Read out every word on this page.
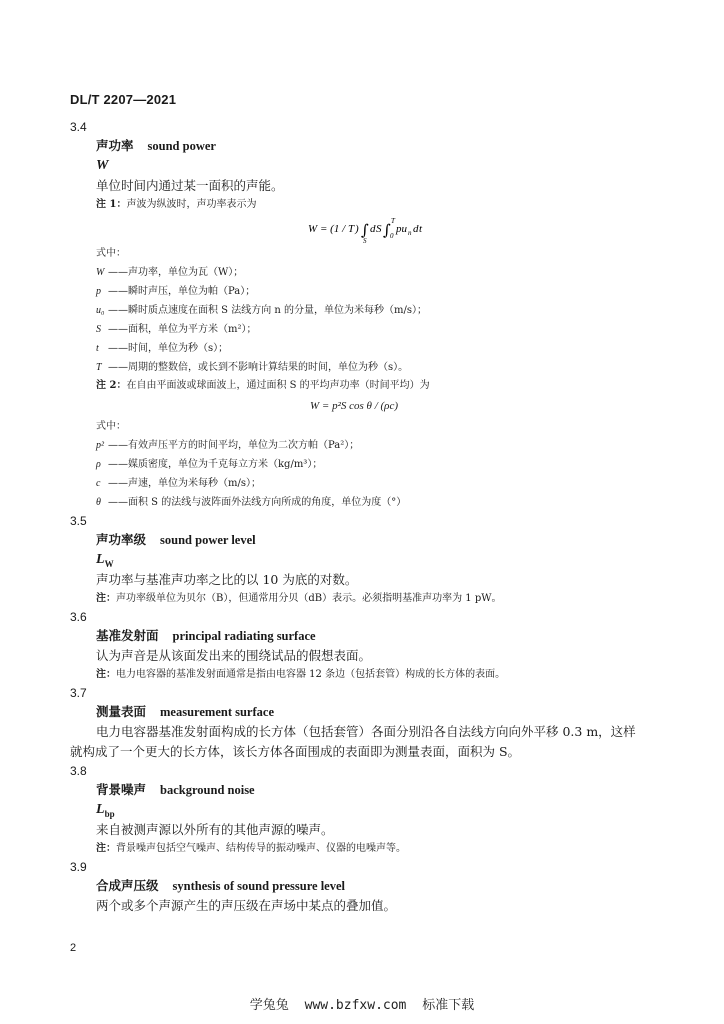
DL/T 2207—2021
3.4
声功率 sound power
W
单位时间内通过某一面积的声能。
注 1：声波为纵波时，声功率表示为
W = (1 / T ) ∫
S
d S ∫ T
0
pu n d t
式中：
W ——声功率，单位为瓦（W）；
p ——瞬时声压，单位为帕（Pa）；
u₀ ——瞬时质点速度在面积 S 法线方向 n 的分量，单位为米每秒（m/s）；
S ——面积，单位为平方米（m²）；
t ——时间，单位为秒（s）；
T ——周期的整数倍，或长到不影响计算结果的时间，单位为秒（s）。
注 2：在自由平面波或球面波上，通过面积 S 的平均声功率（时间平均）为
W = p²S cos θ / (ρc)
式中：
p² ——有效声压平方的时间平均，单位为二次方帕（Pa²）；
ρ ——媒质密度，单位为千克每立方米（kg/m³）；
c ——声速，单位为米每秒（m/s）；
θ ——面积 S 的法线与波阵面外法线方向所成的角度，单位为度（°）
3.5
声功率级 sound power level
$L_W$
声功率与基准声功率之比的以 10 为底的对数。
注：声功率级单位为贝尔（B），但通常用分贝（dB）表示。必须指明基准声功率为 1 pW。
3.6
基准发射面 principal radiating surface
认为声音是从该面发出来的围绕试品的假想表面。
注：电力电容器的基准发射面通常是指由电容器 12 条边（包括套管）构成的长方体的表面。
3.7
测量表面 measurement surface
电力电容器基准发射面构成的长方体（包括套管）各面分别沿各自法线方向向外平移 0.3 m，这样
就构成了一个更大的长方体，该长方体各面围成的表面即为测量表面，面积为 S。
3.8
背景噪声 background noise
$L_{bp}$
来自被测声源以外所有的其他声源的噪声。
注：背景噪声包括空气噪声、结构传导的振动噪声、仪器的电噪声等。
3.9
合成声压级 synthesis of sound pressure level
两个或多个声源产生的声压级在声场中某点的叠加值。
2
学兔兔 www.bzfxw.com 标准下载
